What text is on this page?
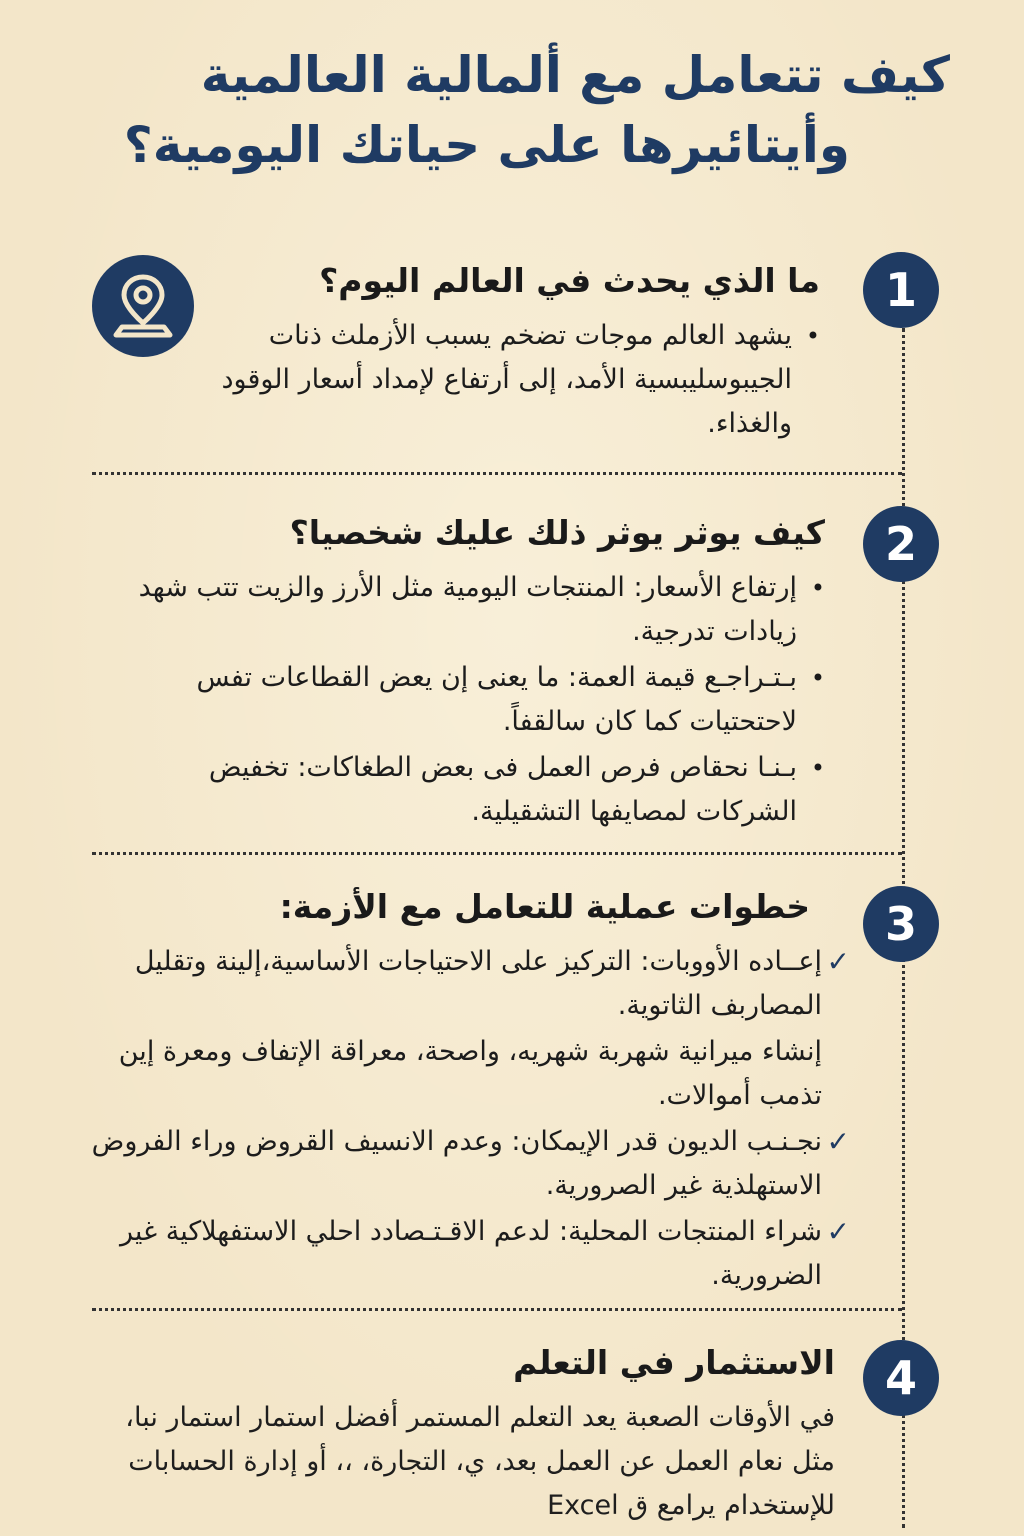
كيف تتعامل مع ألمالية العالمية
وأيتائيرها على حياتك اليومية؟
1
2
3
4
ما الذي يحدث في العالم اليوم؟

•
يشهد العالم موجات تضخم يسبب الأزملث ذنات الجيبوسليبسية الأمد، إلى أرتفاع لإمداد أسعار الوقود والغذاء.

كيف يوثر يوثر ذلك عليك شخصيا؟

•
إرتفاع الأسعار: المنتجات اليومية مثل الأرز والزيت تتب شهد زيادات تدرجية.

•
بـتـراجـع قيمة العمة: ما يعنى إن يعض القطاعات تفس لاحتحتيات كما كان سالقفاً.

•
بـنـا نحقاص فرص العمل فى بعض الطغاكات: تخفيض الشركات لمصايفها التشقيلية.

خطوات عملية للتعامل مع الأزمة:

✓
إعــاده الأووبات: التركيز على الاحتياجات الأساسية،إلينة وتقليل المصاربف الثاتوية.

إنشاء ميرانية شهربة شهريه، واصحة، معراقة الإتفاف ومعرة إين تذمب أموالات.

✓
نجـنـب الديون قدر الإيمكان: وعدم الانسيف القروض وراء الفروض الاستهلذية غير الصرورية.

✓
شراء المنتجات المحلية: لدعم الاقـتـصادد احلي الاستفهلاكية غير الضرورية.

الاستثمار في التعلم

في الأوقات الصعبة يعد التعلم المستمر أفضل استمار استمار نبا، مثل نعام العمل عن العمل بعد، ي، التجارة، ،، أو إدارة الحسابات للإستخدام يرامع ق Excel
